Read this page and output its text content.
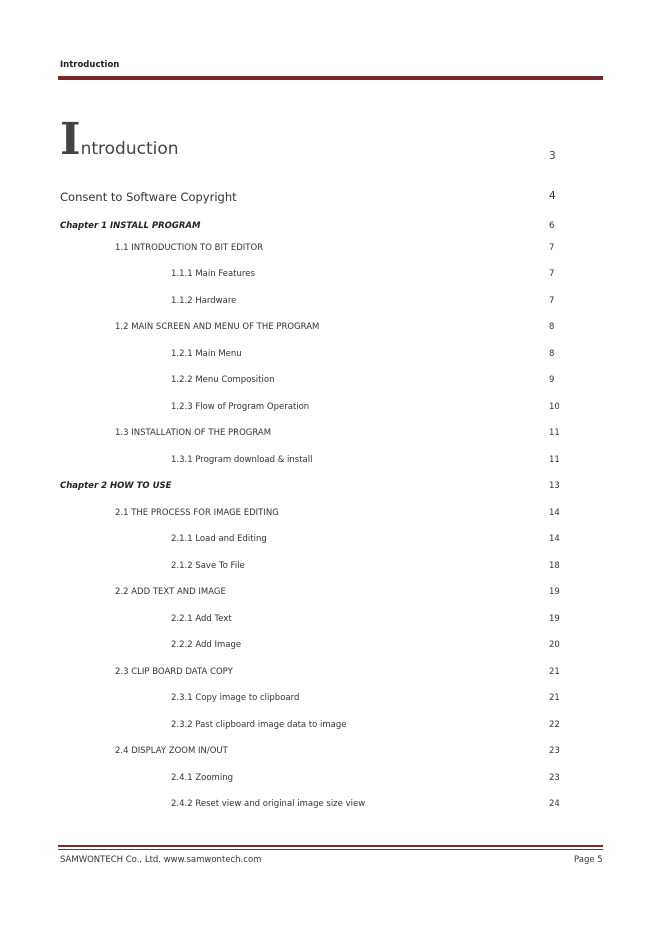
Introduction
Introduction	3
Consent to Software Copyright	4
Chapter 1 INSTALL PROGRAM	6
1.1 INTRODUCTION TO BIT EDITOR	7
1.1.1 Main Features	7
1.1.2 Hardware	7
1.2 MAIN SCREEN AND MENU OF THE PROGRAM	8
1.2.1 Main Menu	8
1.2.2 Menu Composition	9
1.2.3 Flow of Program Operation	10
1.3 INSTALLATION OF THE PROGRAM	11
1.3.1 Program download & install	11
Chapter 2 HOW TO USE	13
2.1 THE PROCESS FOR IMAGE EDITING	14
2.1.1 Load and Editing	14
2.1.2 Save To File	18
2.2 ADD TEXT AND IMAGE	19
2.2.1 Add Text	19
2.2.2 Add Image	20
2.3 CLIP BOARD DATA COPY	21
2.3.1 Copy image to clipboard	21
2.3.2 Past clipboard image data to image	22
2.4 DISPLAY ZOOM IN/OUT	23
2.4.1 Zooming	23
2.4.2 Reset view and original image size view	24
SAMWONTECH Co., Ltd. www.samwontech.com	Page 5
